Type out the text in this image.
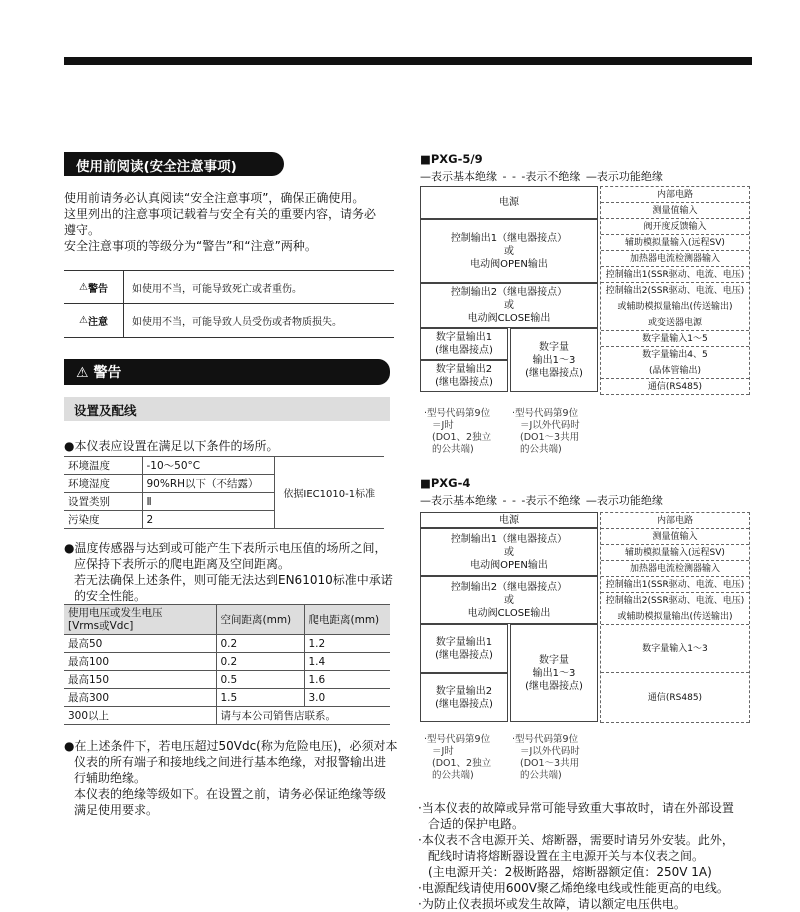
使用前阅读(安全注意事项)
使用前请务必认真阅读“安全注意事项”，确保正确使用。
这里列出的注意事项记载着与安全有关的重要内容，请务必
遵守。
安全注意事项的等级分为“警告”和“注意”两种。
⚠ 警告	如使用不当，可能导致死亡或者重伤。
⚠ 注意	如使用不当，可能导致人员受伤或者物质损失。
⚠ 警告
设置及配线
●本仪表应设置在满足以下条件的场所。
环境温度	-10～50°C	依据IEC1010-1标准
环境湿度	90%RH以下（不结露）	
设置类别	Ⅱ	
污染度	2	
●温度传感器与达到或可能产生下表所示电压值的场所之间，
应保持下表所示的爬电距离及空间距离。
若无法确保上述条件，则可能无法达到EN61010标准中承诺
的安全性能。
使用电压或发生电压
[Vrms或Vdc]	空间距离(mm)	爬电距离(mm)
最高50	0.2	1.2
最高100	0.2	1.4
最高150	0.5	1.6
最高300	1.5	3.0
300以上	请与本公司销售店联系。	
●在上述条件下，若电压超过50Vdc(称为危险电压)，必须对本
仪表的所有端子和接地线之间进行基本绝缘，对报警输出进
行辅助绝缘。
本仪表的绝缘等级如下。在设置之前，请务必保证绝缘等级
满足使用要求。
■PXG-5/9
—表示基本绝缘 - - -表示不绝缘 —表示功能绝缘
电源
控制输出1（继电器接点）
或
电动阀OPEN输出
控制输出2（继电器接点）
或
电动阀CLOSE输出
数字量输出1
(继电器接点)
数字量输出2
(继电器接点)
数字量
输出1～3
(继电器接点)
内部电路
测量值输入
阀开度反馈输入
辅助模拟量输入(远程SV)
加热器电流检测器输入
控制输出1(SSR驱动、电流、电压)
控制输出2(SSR驱动、电流、电压)
或辅助模拟量输出(传送输出)
或变送器电源
数字量输入1～5
数字量输出4、5
(晶体管输出)
通信(RS485)
·型号代码第9位
＝J时
(DO1、2独立
的公共端)
·型号代码第9位
＝J以外代码时
(DO1～3共用
的公共端)
■PXG-4
—表示基本绝缘 - - -表示不绝缘 —表示功能绝缘
电源
控制输出1（继电器接点）
或
电动阀OPEN输出
控制输出2（继电器接点）
或
电动阀CLOSE输出
数字量输出1
(继电器接点)
数字量输出2
(继电器接点)
数字量
输出1～3
(继电器接点)
内部电路
测量值输入
辅助模拟量输入(远程SV)
加热器电流检测器输入
控制输出1(SSR驱动、电流、电压)
控制输出2(SSR驱动、电流、电压)
或辅助模拟量输出(传送输出)
数字量输入1～3
通信(RS485)
·型号代码第9位
＝J时
(DO1、2独立
的公共端)
·型号代码第9位
＝J以外代码时
(DO1～3共用
的公共端)
·当本仪表的故障或异常可能导致重大事故时，请在外部设置
合适的保护电路。
·本仪表不含电源开关、熔断器，需要时请另外安装。此外，
配线时请将熔断器设置在主电源开关与本仪表之间。
(主电源开关：2极断路器，熔断器额定值：250V 1A)
·电源配线请使用600V聚乙烯绝缘电线或性能更高的电线。
·为防止仪表损坏或发生故障，请以额定电压供电。
